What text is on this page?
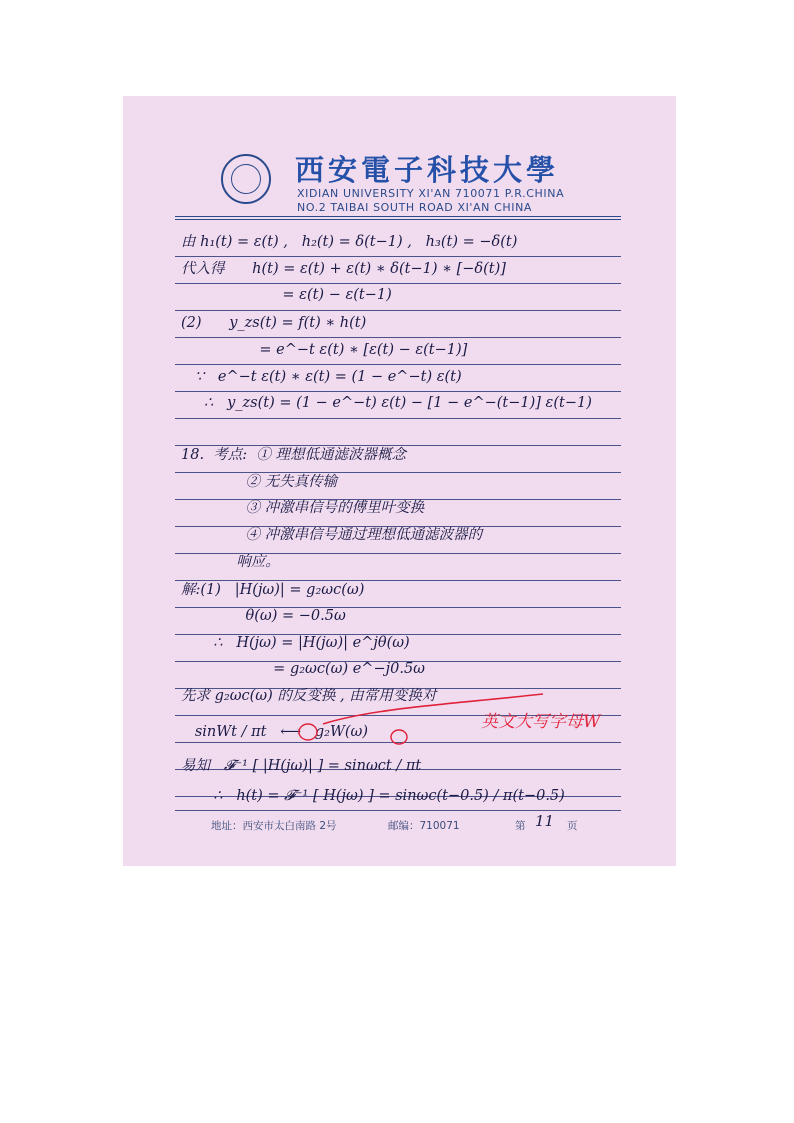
西安電子科技大學
XIDIAN UNIVERSITY XI'AN 710071 P.R.CHINA
NO.2 TAIBAI SOUTH ROAD XI'AN CHINA
由 h₁(t) = ε(t) ,   h₂(t) = δ(t−1) ,   h₃(t) = −δ(t)
代入得      h(t) = ε(t) + ε(t) ∗ δ(t−1) ∗ [−δ(t)]
= ε(t) − ε(t−1)
(2)      y_zs(t) = f(t) ∗ h(t)
= e^−t ε(t) ∗ [ε(t) − ε(t−1)]
∵   e^−t ε(t) ∗ ε(t) = (1 − e^−t) ε(t)
∴   y_zs(t) = (1 − e^−t) ε(t) − [1 − e^−(t−1)] ε(t−1)
18.  考点:  ① 理想低通滤波器概念
② 无失真传输
③ 冲激串信号的傅里叶变换
④ 冲激串信号通过理想低通滤波器的
响应。
解:(1)   |H(jω)| = g₂ωc(ω)
θ(ω) = −0.5ω
∴   H(jω) = |H(jω)| e^jθ(ω)
= g₂ωc(ω) e^−j0.5ω
先求 g₂ωc(ω) 的反变换 , 由常用变换对
sinWt / πt   ⟷   g₂W(ω)
易知   𝓕⁻¹ [ |H(jω)| ] = sinωct / πt
∴   h(t) = 𝓕⁻¹ [ H(jω) ] = sinωc(t−0.5) / π(t−0.5)
英文大写字母W
地址：西安市太白南路 2号	邮编：710071	第 11 页
